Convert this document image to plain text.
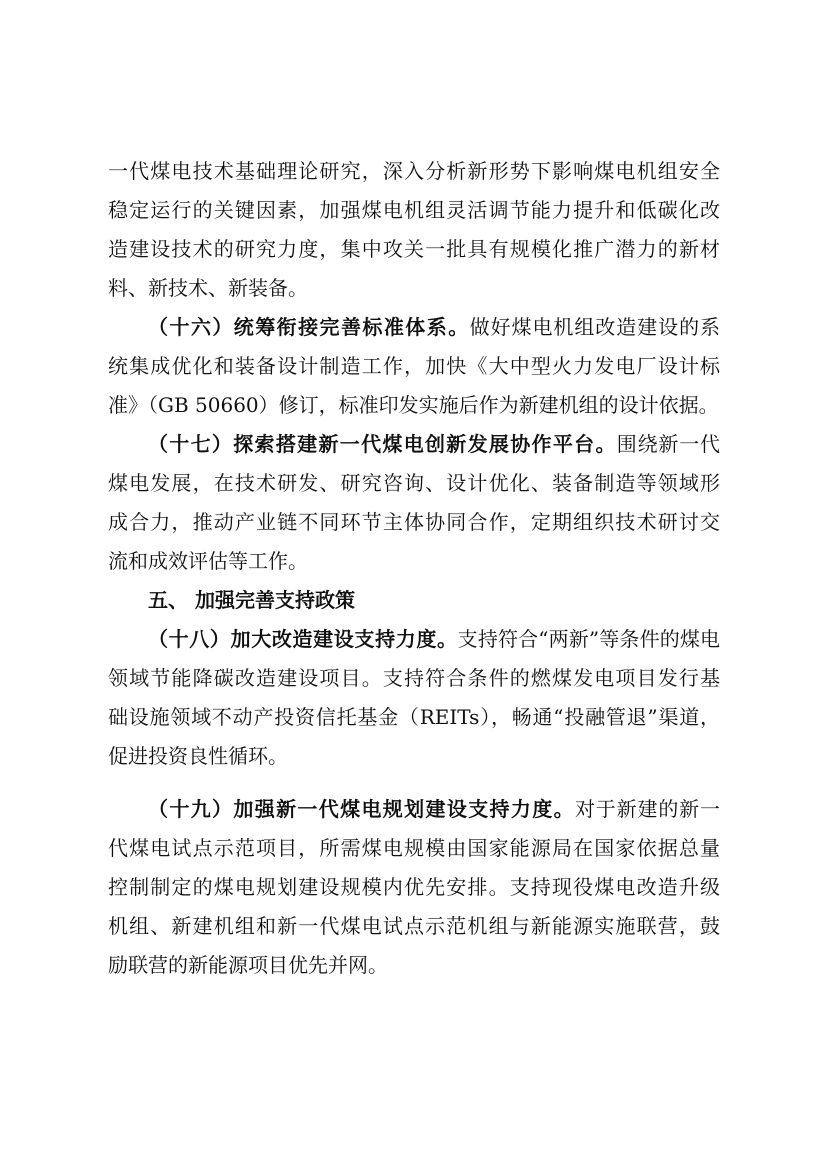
一代煤电技术基础理论研究，深入分析新形势下影响煤电机组安全
稳定运行的关键因素，加强煤电机组灵活调节能力提升和低碳化改
造建设技术的研究力度，集中攻关一批具有规模化推广潜力的新材
料、新技术、新装备。
（十六）统筹衔接完善标准体系。做好煤电机组改造建设的系
统集成优化和装备设计制造工作，加快《大中型火力发电厂设计标
准》（GB 50660）修订，标准印发实施后作为新建机组的设计依据。
（十七）探索搭建新一代煤电创新发展协作平台。围绕新一代
煤电发展，在技术研发、研究咨询、设计优化、装备制造等领域形
成合力，推动产业链不同环节主体协同合作，定期组织技术研讨交
流和成效评估等工作。
五、 加强完善支持政策
（十八）加大改造建设支持力度。支持符合“两新”等条件的煤电
领域节能降碳改造建设项目。支持符合条件的燃煤发电项目发行基
础设施领域不动产投资信托基金（REITs），畅通“投融管退”渠道，
促进投资良性循环。
（十九）加强新一代煤电规划建设支持力度。对于新建的新一
代煤电试点示范项目，所需煤电规模由国家能源局在国家依据总量
控制制定的煤电规划建设规模内优先安排。支持现役煤电改造升级
机组、新建机组和新一代煤电试点示范机组与新能源实施联营，鼓
励联营的新能源项目优先并网。
